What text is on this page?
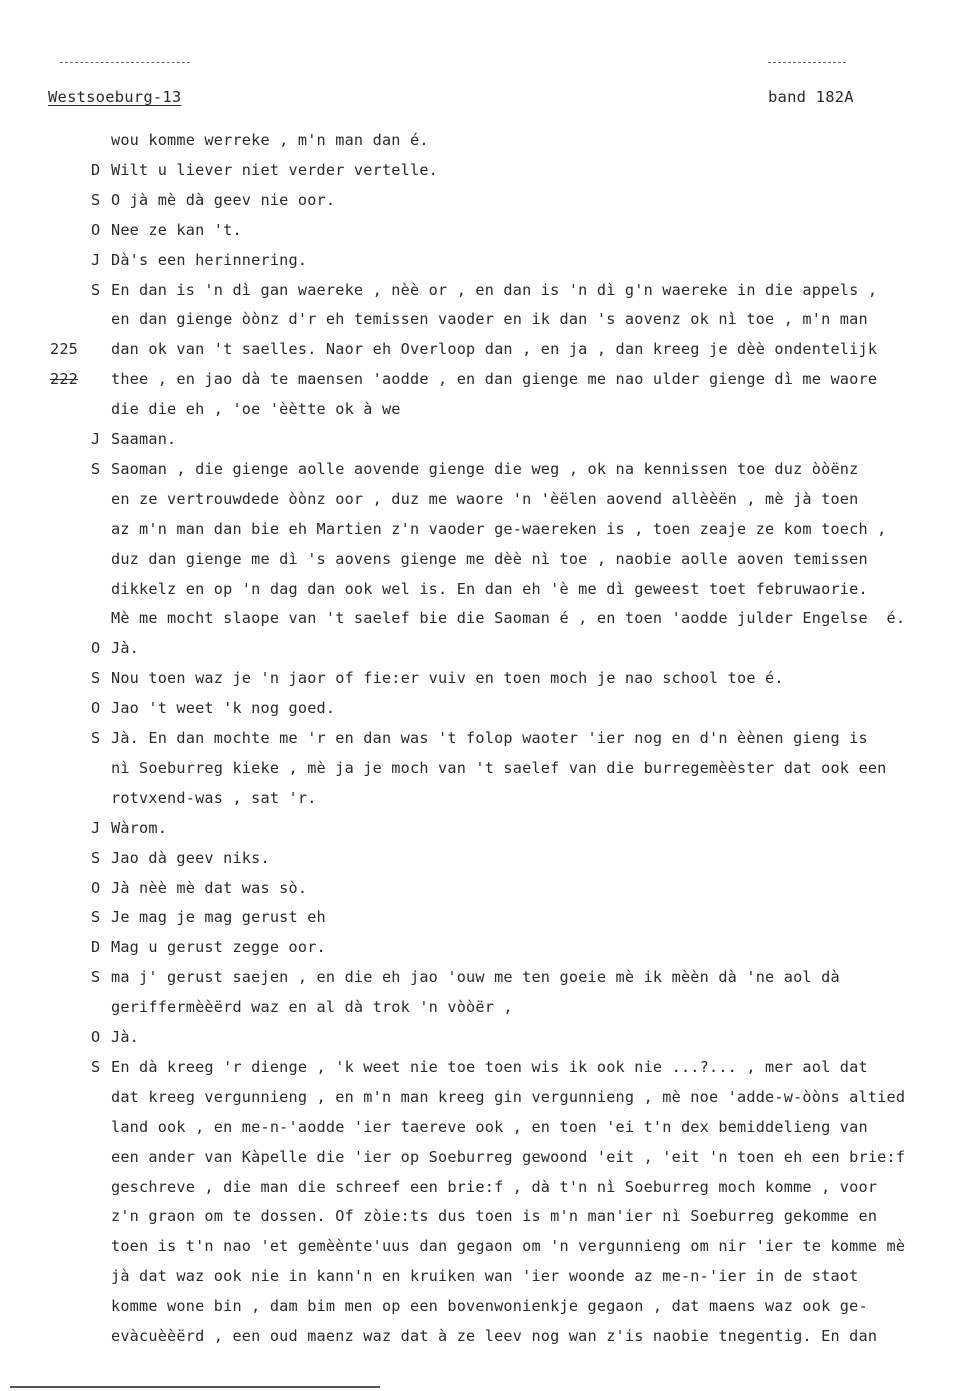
Westsoeburg-13	band 182A
wou komme werreke , m'n man dan é.
D Wilt u liever niet verder vertelle.
S O jà mè dà geev nie oor.
O Nee ze kan 't.
J Dà's een herinnering.
S En dan is 'n dì gan waereke , nèè or , en dan is 'n dì g'n waereke in die appels ,
en dan gienge òònz d'r eh temissen vaoder en ik dan 's aovenz ok nì toe , m'n man
225 dan ok van 't saelles. Naor eh Overloop dan , en ja , dan kreeg je dèè ondentelijk
222 thee , en jao dà te maensen 'aodde , en dan gienge me nao ulder gienge dì me waore
die die eh , 'oe 'èètte ok à we
J Saaman.
S Saoman , die gienge aolle aovende gienge die weg , ok na kennissen toe duz òòënz
en ze vertrouwdede òònz oor , duz me waore 'n 'èëlen aovend allèèën , mè jà toen
az m'n man dan bie eh Martien z'n vaoder ge-waereken is , toen zeaje ze kom toech ,
duz dan gienge me dì 's aovens gienge me dèè nì toe , naobie aolle aoven temissen
dikkelz en op 'n dag dan ook wel is. En dan eh 'è me dì geweest toet februwaorie.
Mè me mocht slaope van 't saelef bie die Saoman é , en toen 'aodde julder Engelse  é.
O Jà.
S Nou toen waz je 'n jaor of fie:er vuiv en toen moch je nao school toe é.
O Jao 't weet 'k nog goed.
S Jà. En dan mochte me 'r en dan was 't folop waoter 'ier nog en d'n èènen gieng is
nì Soeburreg kieke , mè ja je moch van 't saelef van die burregemèèster dat ook een
rotvxend-was , sat 'r.
J Wàrom.
S Jao dà geev niks.
O Jà nèè mè dat was sò.
S Je mag je mag gerust eh
D Mag u gerust zegge oor.
S ma j' gerust saejen , en die eh jao 'ouw me ten goeie mè ik mèèn dà 'ne aol dà
geriffermèèërd waz en al dà trok 'n vòòër ,
O Jà.
S En dà kreeg 'r dienge , 'k weet nie toe toen wis ik ook nie ...?... , mer aol dat
dat kreeg vergunnieng , en m'n man kreeg gin vergunnieng , mè noe 'adde-w-òòns altied
land ook , en me-n-'aodde 'ier taereve ook , en toen 'ei t'n dex bemiddelieng van
een ander van Kàpelle die 'ier op Soeburreg gewoond 'eit , 'eit 'n toen eh een brie:f
geschreve , die man die schreef een brie:f , dà t'n nì Soeburreg moch komme , voor
z'n graon om te dossen. Of zòie:ts dus toen is m'n man'ier nì Soeburreg gekomme en
toen is t'n nao 'et gemèènte'uus dan gegaon om 'n vergunnieng om nir 'ier te komme mè
jà dat waz ook nie in kann'n en kruiken wan 'ier woonde az me-n-'ier in de staot
komme wone bin , dam bim men op een bovenwonienkje gegaon , dat maens waz ook ge-
evàcuèèërd , een oud maenz waz dat à ze leev nog wan z'is naobie tnegentig. En dan
